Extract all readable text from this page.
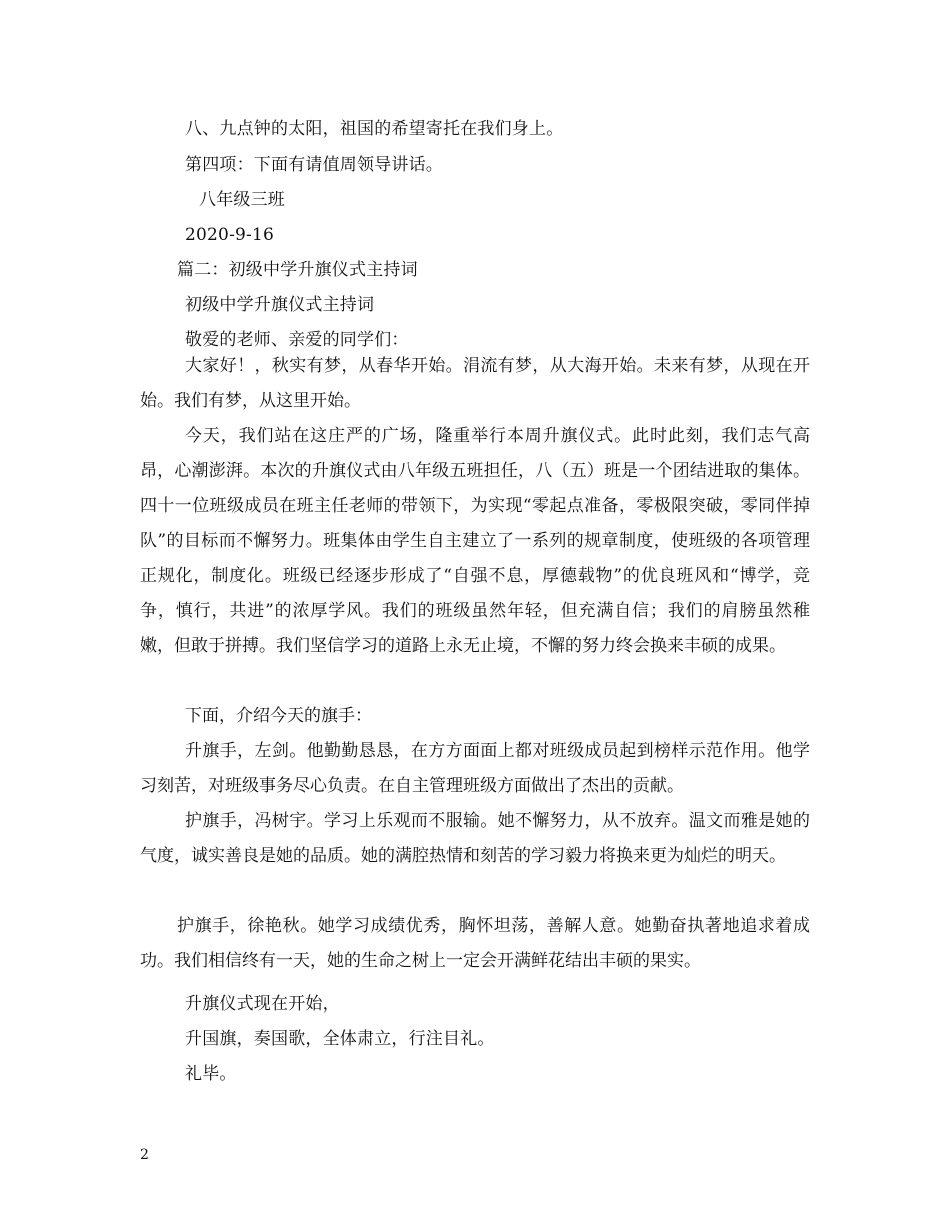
八、九点钟的太阳，祖国的希望寄托在我们身上。
第四项：下面有请值周领导讲话。
八年级三班
2020-9-16
篇二：初级中学升旗仪式主持词
初级中学升旗仪式主持词
敬爱的老师、亲爱的同学们：

大家好！，秋实有梦，从春华开始。涓流有梦，从大海开始。未来有梦，从现在开始。我们有梦，从这里开始。

今天，我们站在这庄严的广场，隆重举行本周升旗仪式。此时此刻，我们志气高昂，心潮澎湃。本次的升旗仪式由八年级五班担任，八（五）班是一个团结进取的集体。四十一位班级成员在班主任老师的带领下，为实现“零起点准备，零极限突破，零同伴掉队”的目标而不懈努力。班集体由学生自主建立了一系列的规章制度，使班级的各项管理正规化，制度化。班级已经逐步形成了“自强不息，厚德载物”的优良班风和“博学，竞争，慎行，共进”的浓厚学风。我们的班级虽然年轻，但充满自信；我们的肩膀虽然稚嫩，但敢于拼搏。我们坚信学习的道路上永无止境，不懈的努力终会换来丰硕的成果。

下面，介绍今天的旗手：

升旗手，左剑。他勤勤恳恳，在方方面面上都对班级成员起到榜样示范作用。他学习刻苦，对班级事务尽心负责。在自主管理班级方面做出了杰出的贡献。

护旗手，冯树宇。学习上乐观而不服输。她不懈努力，从不放弃。温文而雅是她的气度，诚实善良是她的品质。她的满腔热情和刻苦的学习毅力将换来更为灿烂的明天。

护旗手，徐艳秋。她学习成绩优秀，胸怀坦荡，善解人意。她勤奋执著地追求着成功。我们相信终有一天，她的生命之树上一定会开满鲜花结出丰硕的果实。

升旗仪式现在开始，
升国旗，奏国歌，全体肃立，行注目礼。
礼毕。
2
